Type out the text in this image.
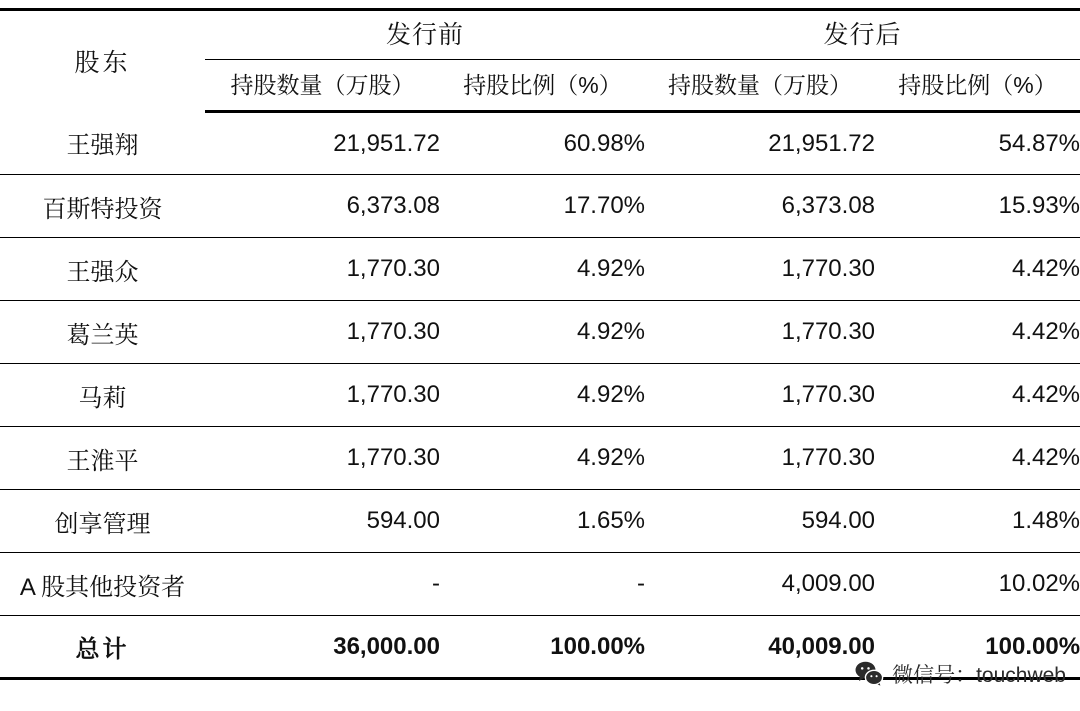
股东	发行前		发行后	
	持股数量（万股）	持股比例（%）	持股数量（万股）	持股比例（%）
王强翔	21,951.72	60.98%	21,951.72	54.87%
百斯特投资	6,373.08	17.70%	6,373.08	15.93%
王强众	1,770.30	4.92%	1,770.30	4.42%
葛兰英	1,770.30	4.92%	1,770.30	4.42%
马莉	1,770.30	4.92%	1,770.30	4.42%
王淮平	1,770.30	4.92%	1,770.30	4.42%
创享管理	594.00	1.65%	594.00	1.48%
A 股其他投资者	-	-	4,009.00	10.02%
总计	36,000.00	100.00%	40,009.00	100.00%
微信号：touchweb
